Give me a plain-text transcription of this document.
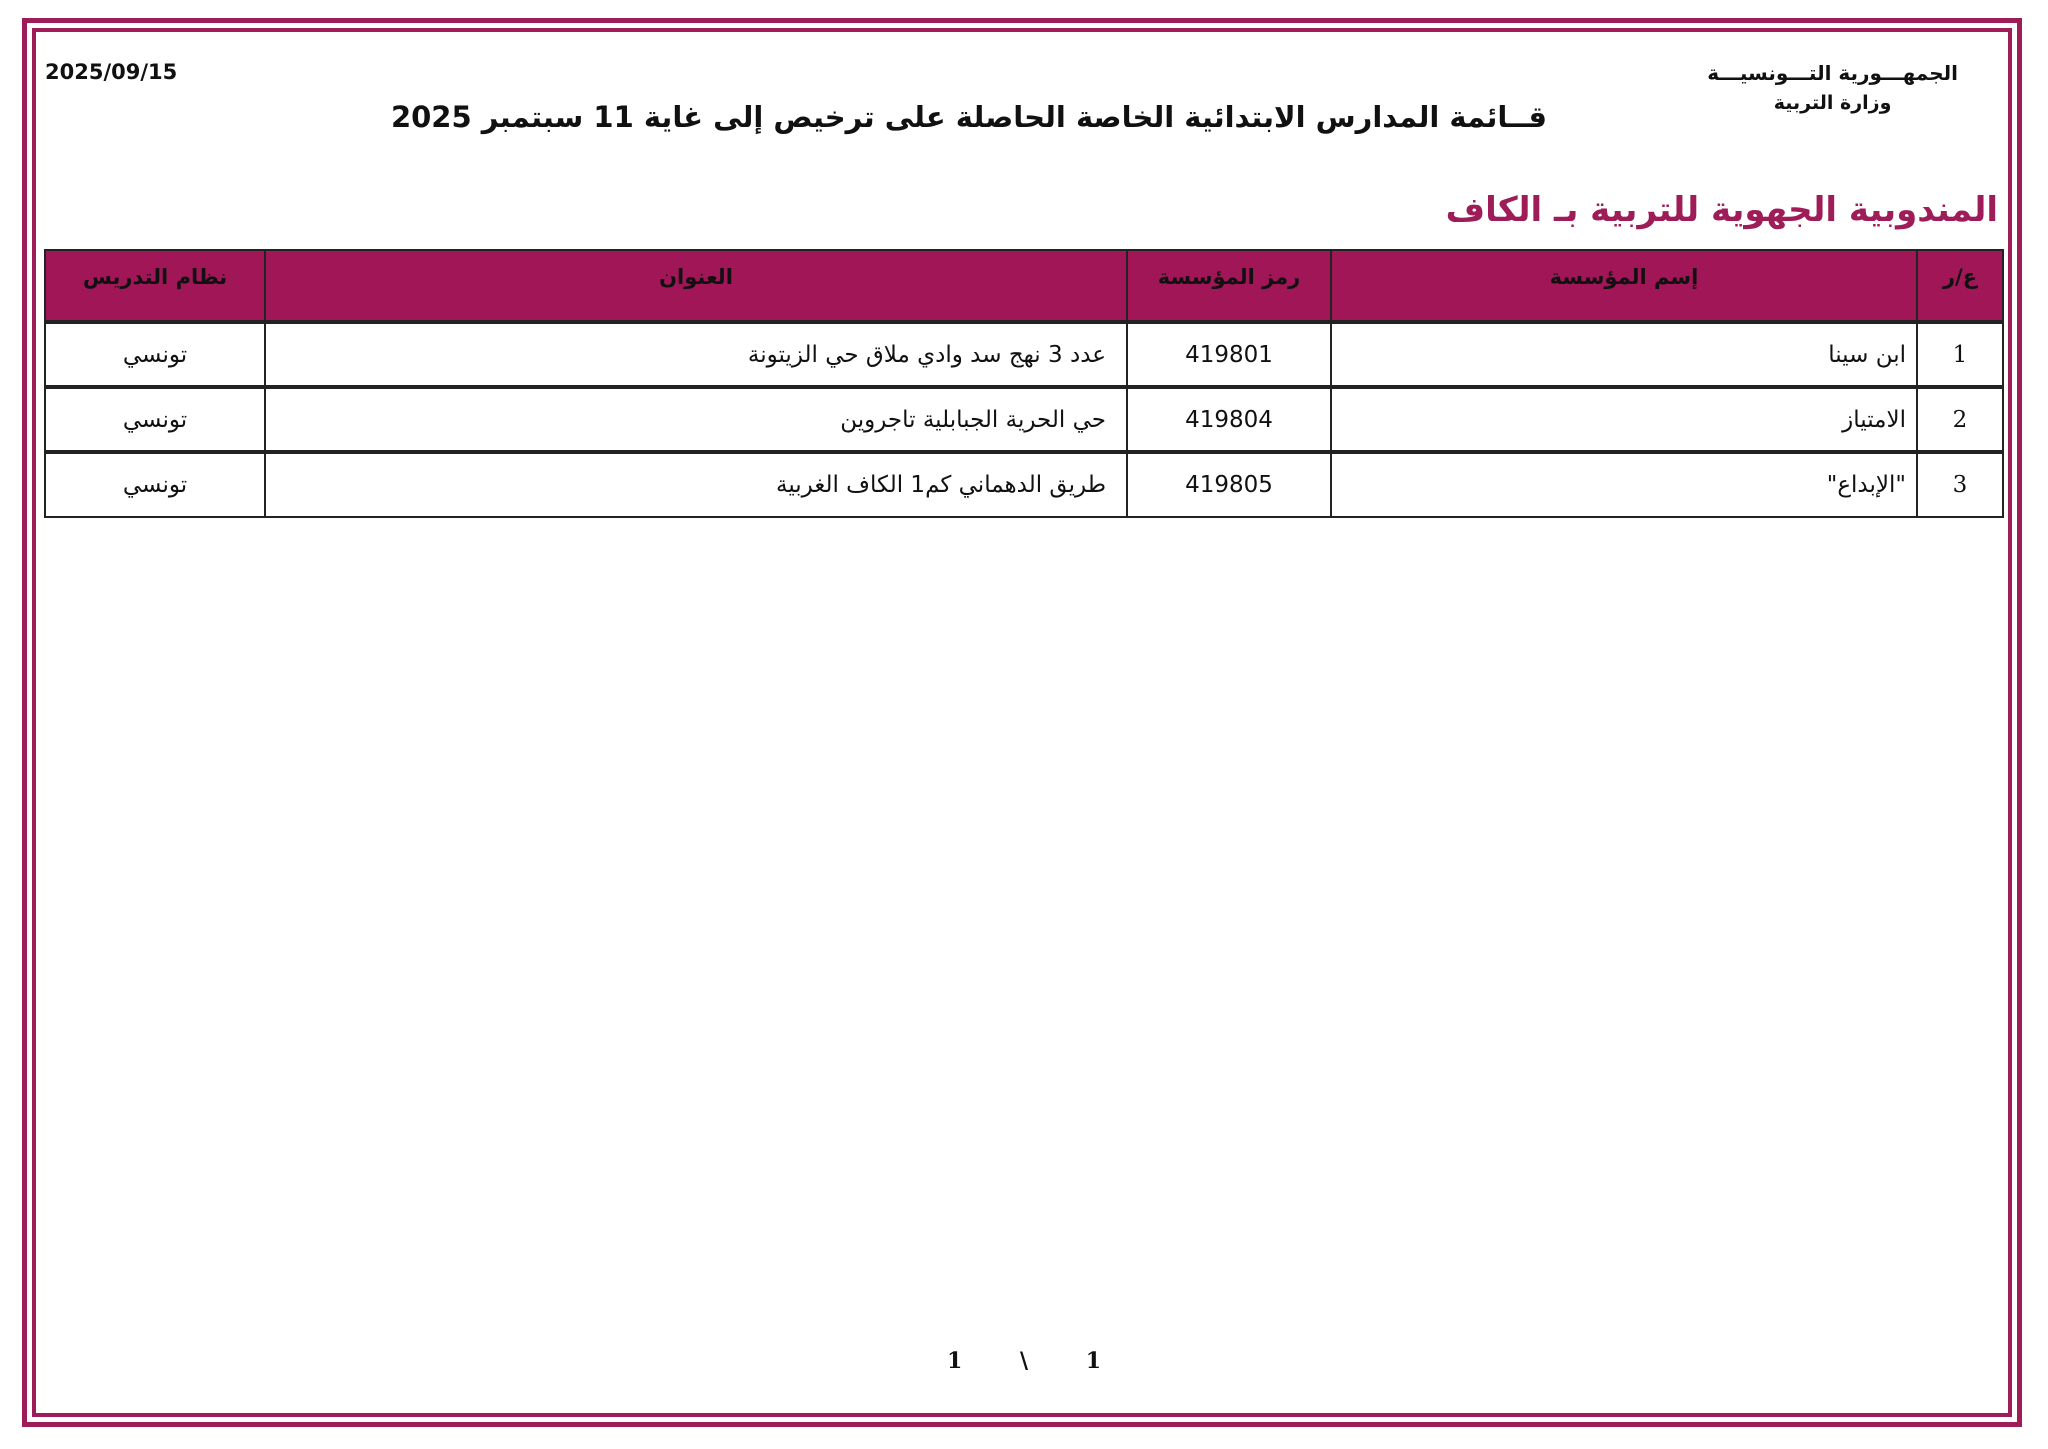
2025/09/15	الجمهـــورية التـــونسيـــة
وزارة التربية
قــائمة المدارس الابتدائية الخاصة الحاصلة على ترخيص إلى غاية 11 سبتمبر 2025
المندوبية الجهوية للتربية بـ الكاف
ع/ر	إسم المؤسسة	رمز المؤسسة	العنوان	نظام التدريس
1	ابن سينا	419801	عدد 3 نهج سد وادي ملاق حي الزيتونة	تونسي
2	الامتياز	419804	حي الحرية الجبابلية تاجروين	تونسي
3	"الإبداع"	419805	طريق الدهماني كم1 الكاف الغربية	تونسي
1	\	1
